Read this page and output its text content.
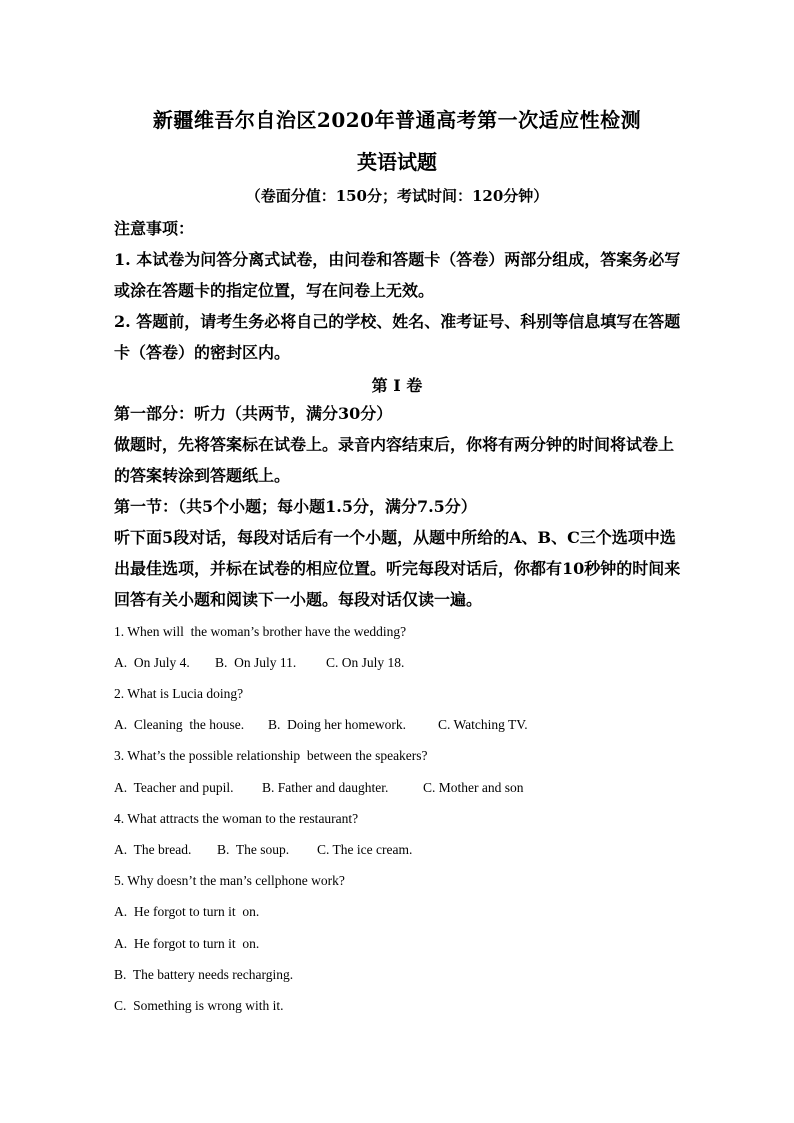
新疆维吾尔自治区2020年普通高考第一次适应性检测
英语试题
（卷面分值：150分；考试时间：120分钟）
注意事项：
1. 本试卷为问答分离式试卷，由问卷和答题卡（答卷）两部分组成，答案务必写或涂在答题卡的指定位置，写在问卷上无效。
2. 答题前，请考生务必将自己的学校、姓名、准考证号、科别等信息填写在答题卡（答卷）的密封区内。
第 I 卷
第一部分：听力（共两节，满分30分）
做题时，先将答案标在试卷上。录音内容结束后，你将有两分钟的时间将试卷上的答案转涂到答题纸上。
第一节：（共5个小题；每小题1.5分，满分7.5分）
听下面5段对话，每段对话后有一个小题，从题中所给的A、B、C三个选项中选出最佳选项，并标在试卷的相应位置。听完每段对话后，你都有10秒钟的时间来回答有关小题和阅读下一小题。每段对话仅读一遍。
1. When will  the woman’s brother have the wedding?
A.  On July 4. B.  On July 11. C. On July 18.
2. What is Lucia doing?
A.  Cleaning  the house. B.  Doing her homework. C. Watching TV.
3. What’s the possible relationship  between the speakers?
A.  Teacher and pupil. B. Father and daughter.	C. Mother and son
4. What attracts the woman to the restaurant?
A.  The bread. B.  The soup. C. The ice cream.
5. Why doesn’t the man’s cellphone work?
A.  He forgot to turn it  on.
A.  He forgot to turn it  on.
B.  The battery needs recharging.
C.  Something is wrong with it.
